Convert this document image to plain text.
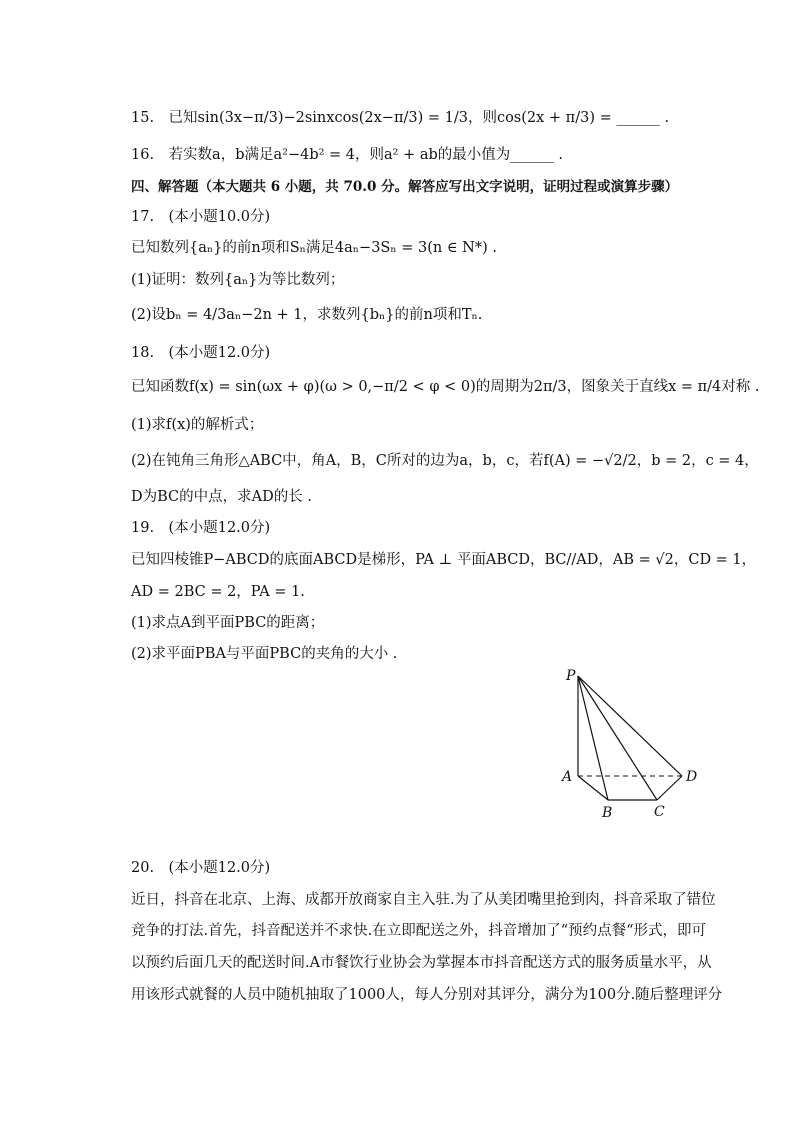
15.　已知sin(3x−π/3)−2sinxcos(2x−π/3) = 1/3，则cos(2x + π/3) = ______ .
16.　若实数a，b满足a²−4b² = 4，则a² + ab的最小值为______ .
四、解答题（本大题共 6 小题，共 70.0 分。解答应写出文字说明，证明过程或演算步骤）
17.　(本小题10.0分)
已知数列{aₙ}的前n项和Sₙ满足4aₙ−3Sₙ = 3(n ∈ N*) .
(1)证明：数列{aₙ}为等比数列；
(2)设bₙ = 4/3aₙ−2n + 1，求数列{bₙ}的前n项和Tₙ.
18.　(本小题12.0分)
已知函数f(x) = sin(ωx + φ)(ω > 0,−π/2 < φ < 0)的周期为2π/3，图象关于直线x = π/4对称 .
(1)求f(x)的解析式；
(2)在钝角三角形△ABC中，角A，B，C所对的边为a，b，c，若f(A) = −√2/2，b = 2，c = 4，
D为BC的中点，求AD的长 .
19.　(本小题12.0分)
已知四棱锥P−ABCD的底面ABCD是梯形，PA ⊥ 平面ABCD，BC//AD，AB = √2，CD = 1，
AD = 2BC = 2，PA = 1.
(1)求点A到平面PBC的距离；
(2)求平面PBA与平面PBC的夹角的大小 .
P
A
B	C
D
20.　(本小题12.0分)
近日，抖音在北京、上海、成都开放商家自主入驻.为了从美团嘴里抢到肉，抖音采取了错位
竞争的打法.首先，抖音配送并不求快.在立即配送之外，抖音增加了“预约点餐“形式，即可
以预约后面几天的配送时间.A市餐饮行业协会为掌握本市抖音配送方式的服务质量水平，从
用该形式就餐的人员中随机抽取了1000人，每人分别对其评分，满分为100分.随后整理评分
